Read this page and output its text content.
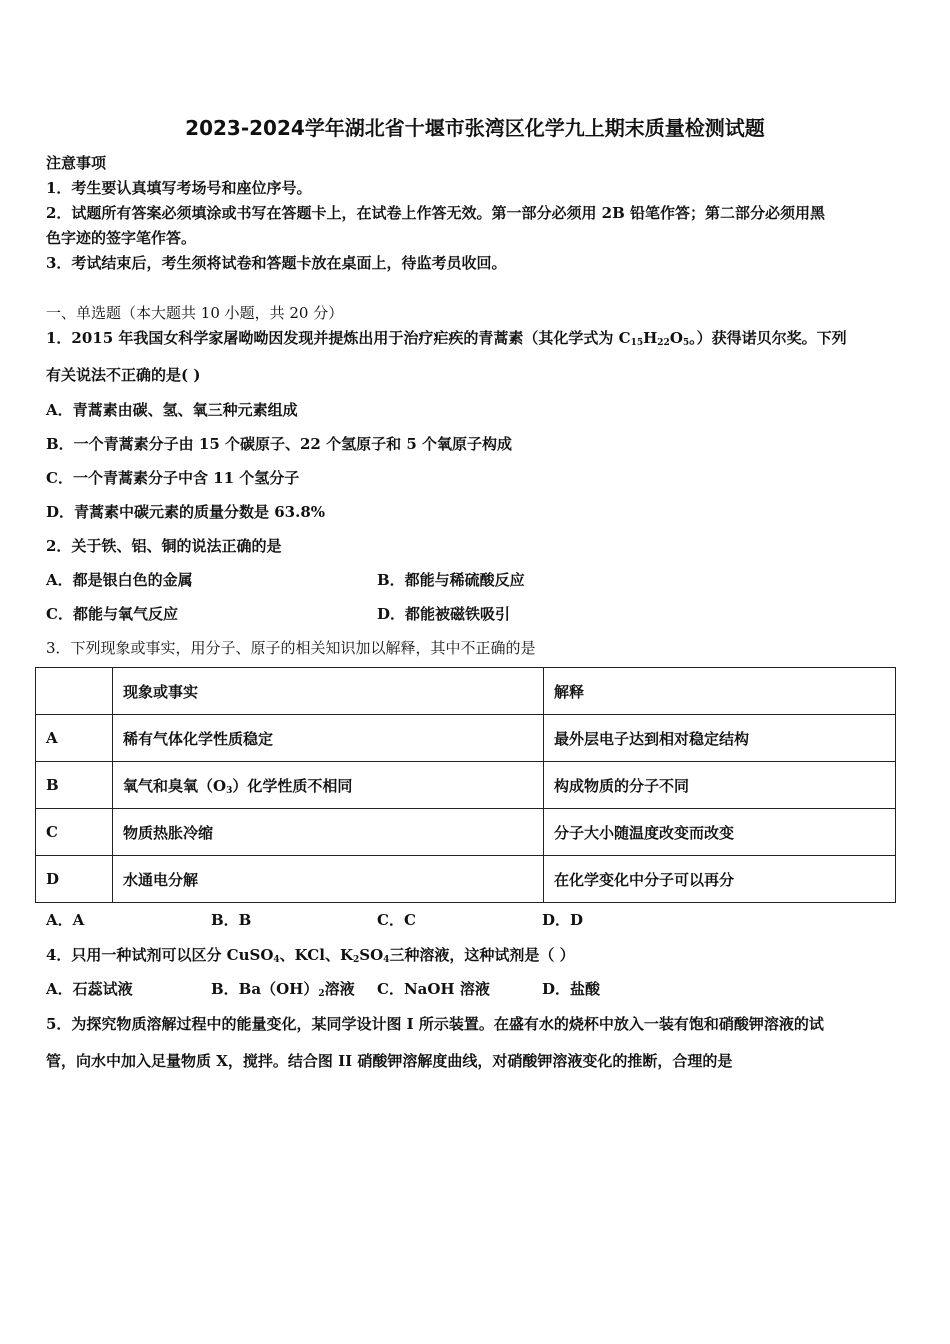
2023-2024学年湖北省十堰市张湾区化学九上期末质量检测试题
注意事项
1．考生要认真填写考场号和座位序号。
2．试题所有答案必须填涂或书写在答题卡上，在试卷上作答无效。第一部分必须用 2B 铅笔作答；第二部分必须用黑
色字迹的签字笔作答。
3．考试结束后，考生须将试卷和答题卡放在桌面上，待监考员收回。
一、单选题（本大题共 10 小题，共 20 分）
1．2015 年我国女科学家屠呦呦因发现并提炼出用于治疗疟疾的青蒿素（其化学式为 $C_{15}H_{22}O_5$。）获得诺贝尔奖。下列
有关说法不正确的是( )
A．青蒿素由碳、氢、氧三种元素组成
B．一个青蒿素分子由 15 个碳原子、22 个氢原子和 5 个氧原子构成
C．一个青蒿素分子中含 11 个氢分子
D．青蒿素中碳元素的质量分数是 63.8%
2．关于铁、铝、铜的说法正确的是
A．都是银白色的金属	B．都能与稀硫酸反应
C．都能与氧气反应	D．都能被磁铁吸引
3．下列现象或事实，用分子、原子的相关知识加以解释，其中不正确的是
	现象或事实	解释
A	稀有气体化学性质稳定	最外层电子达到相对稳定结构
B	氧气和臭氧$(O_3)$化学性质不相同	构成物质的分子不同
C	物质热胀冷缩	分子大小随温度改变而改变
D	水通电分解	在化学变化中分子可以再分
A．A	B．B	C．C	D．D
4．只用一种试剂可以区分 CuSO$_4$、KCl、$K_2SO_4$三种溶液，这种试剂是（ ）
A．石蕊试液	B．$Ba(OH)_2$溶液 C．NaOH 溶液	D．盐酸
5．为探究物质溶解过程中的能量变化，某同学设计图 I 所示装置。在盛有水的烧杯中放入一装有饱和硝酸钾溶液的试
管，向水中加入足量物质 X，搅拌。结合图 II 硝酸钾溶解度曲线，对硝酸钾溶液变化的推断，合理的是
